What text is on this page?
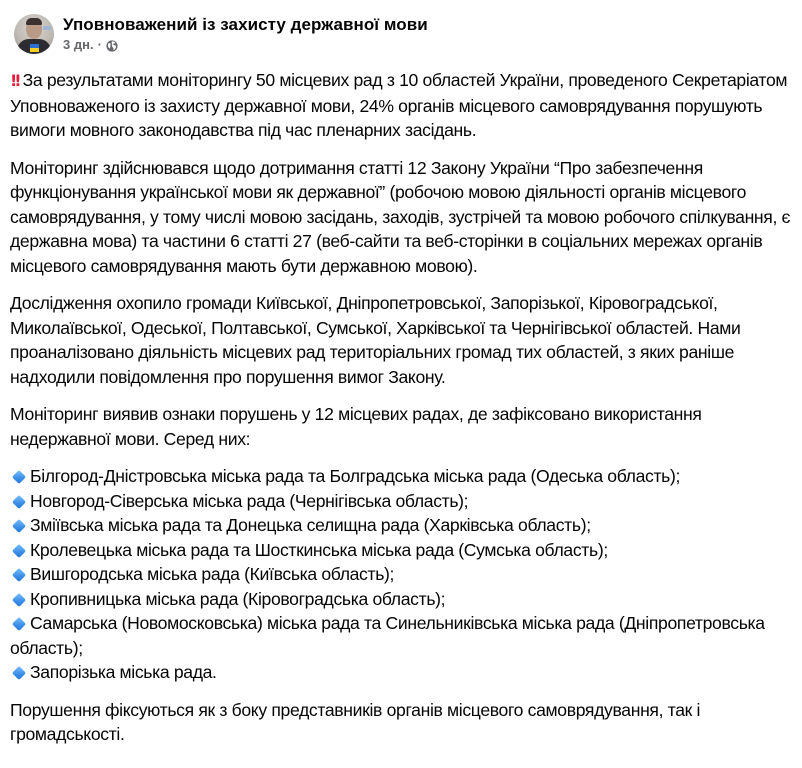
Уповноважений із захисту державної мови
3 дн. ·

!! За результатами моніторингу 50 місцевих рад з 10 областей України, проведеного Секретаріатом Уповноваженого із захисту державної мови, 24% органів місцевого самоврядування порушують вимоги мовного законодавства під час пленарних засідань.

Моніторинг здійснювався щодо дотримання статті 12 Закону України “Про забезпечення функціонування української мови як державної” (робочою мовою діяльності органів місцевого самоврядування, у тому числі мовою засідань, заходів, зустрічей та мовою робочого спілкування, є державна мова) та частини 6 статті 27 (веб-сайти та веб-сторінки в соціальних мережах органів місцевого самоврядування мають бути державною мовою).

Дослідження охопило громади Київської, Дніпропетровської, Запорізької, Кіровоградської, Миколаївської, Одеської, Полтавської, Сумської, Харківської та Чернігівської областей. Нами проаналізовано діяльність місцевих рад територіальних громад тих областей, з яких раніше надходили повідомлення про порушення вимог Закону.

Моніторинг виявив ознаки порушень у 12 місцевих радах, де зафіксовано використання недержавної мови. Серед них:

Білгород-Дністровська міська рада та Болградська міська рада (Одеська область);
Новгород-Сіверська міська рада (Чернігівська область);
Зміївська міська рада та Донецька селищна рада (Харківська область);
Кролевецька міська рада та Шосткинська міська рада (Сумська область);
Вишгородська міська рада (Київська область);
Кропивницька міська рада (Кіровоградська область);
Самарська (Новомосковська) міська рада та Синельниківська міська рада (Дніпропетровська область);
Запорізька міська рада.

Порушення фіксуються як з боку представників органів місцевого самоврядування, так і громадськості.
